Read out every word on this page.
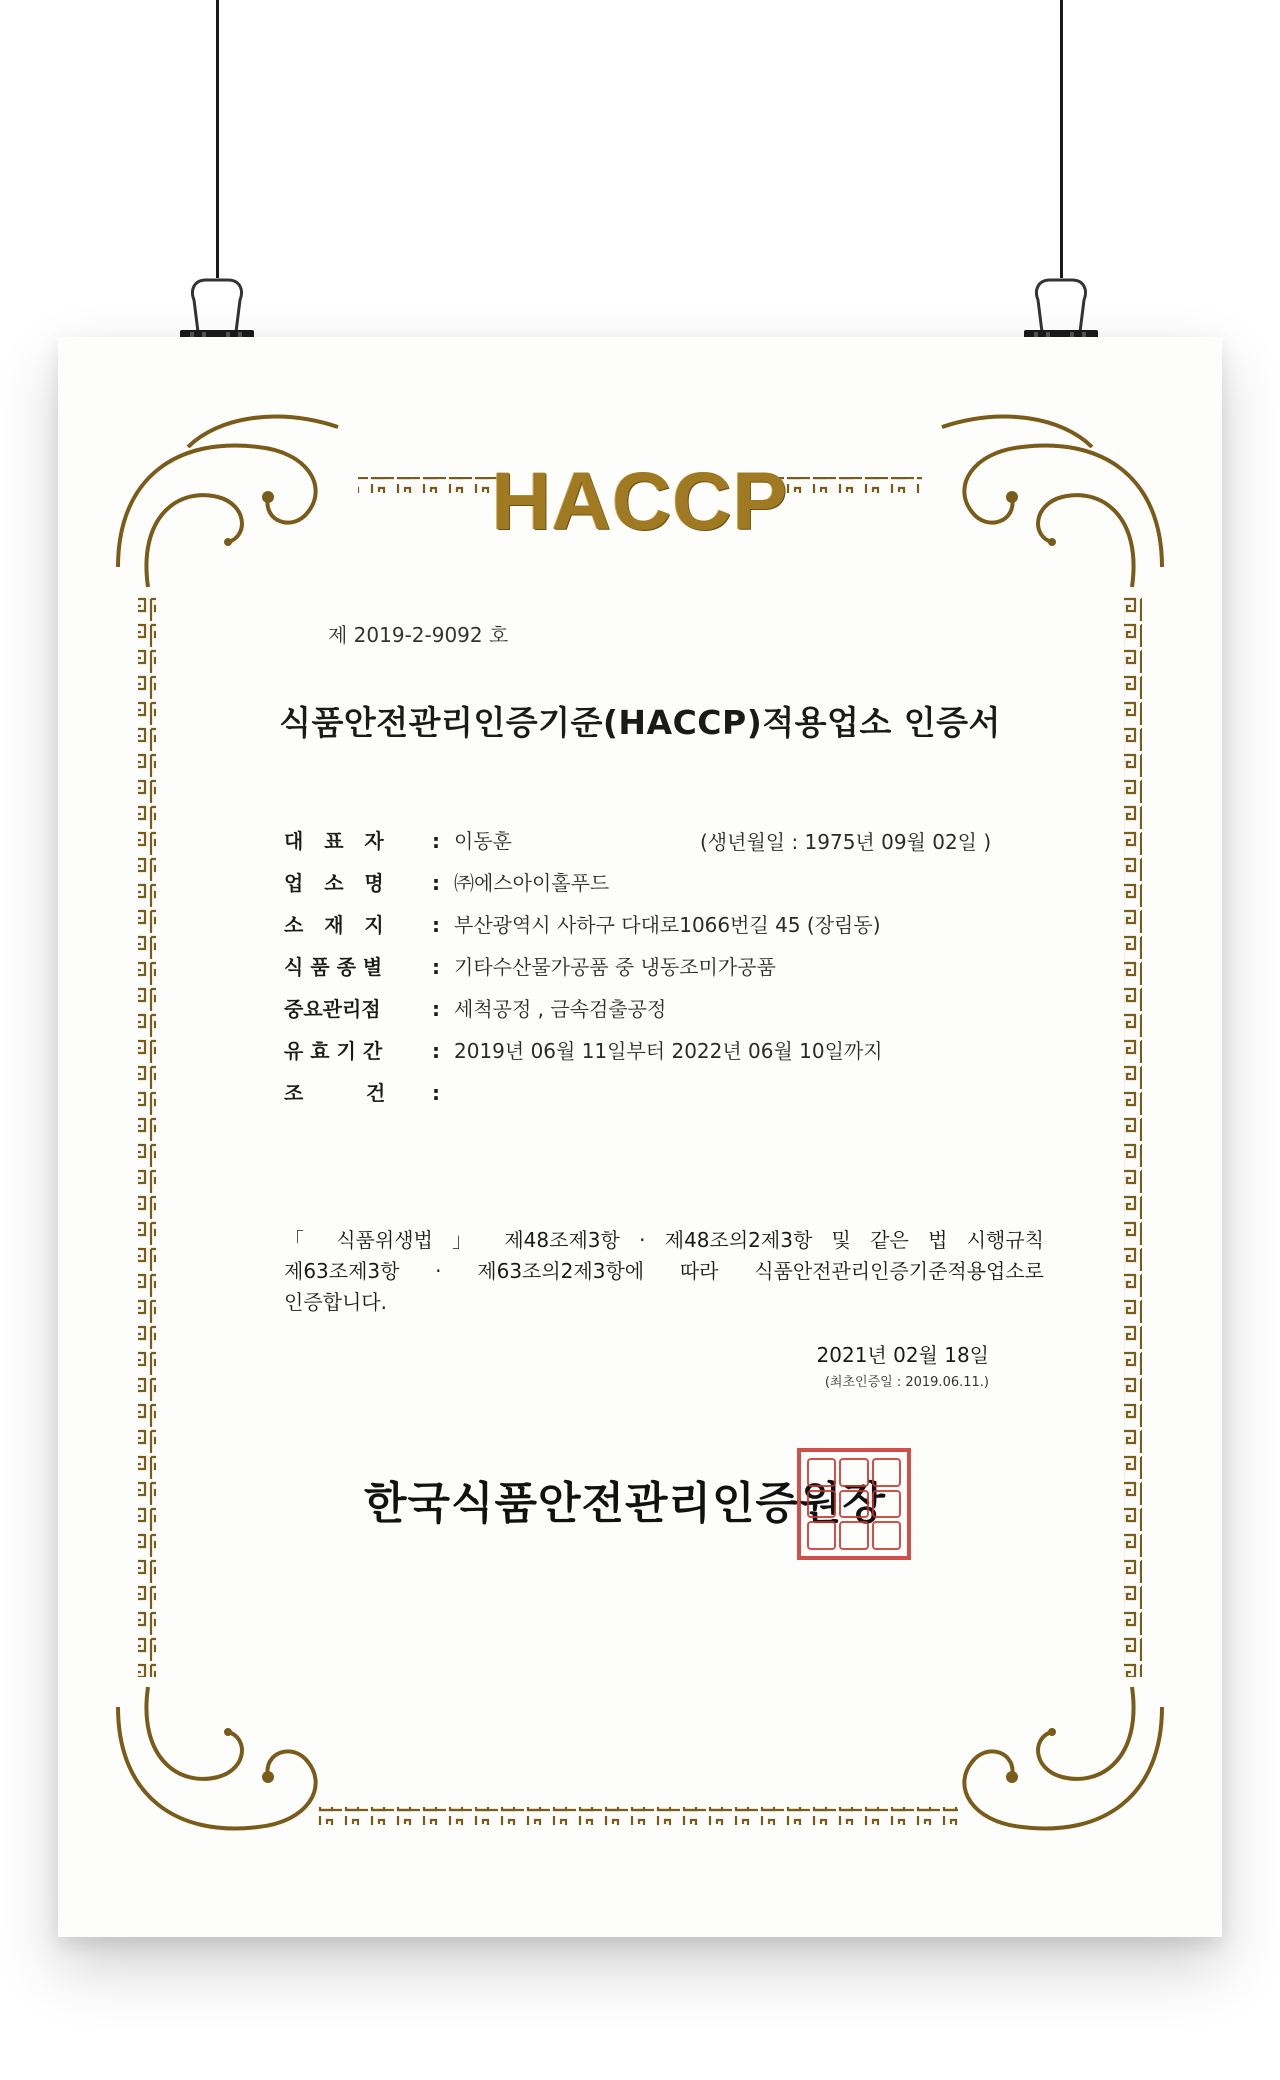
HACCP
제 2019-2-9092 호
식품안전관리인증기준(HACCP)적용업소 인증서
대   표   자	: 이동훈	(생년월일 : 1975년 09월 02일 )
업   소   명	: ㈜에스아이홀푸드
소   재   지	: 부산광역시 사하구 다대로1066번길 45 (장림동)
식 품 종 별	: 기타수산물가공품 중 냉동조미가공품
중요관리점	: 세척공정 , 금속검출공정
유 효 기 간	: 2019년 06월 11일부터 2022년 06월 10일까지
조         건	:
「 식품위생법 」 제48조제3항 · 제48조의2제3항 및 같은 법 시행규칙
제63조제3항 · 제63조의2제3항에 따라 식품안전관리인증기준적용업소로
인증합니다.
2021년 02월 18일
(최초인증일 : 2019.06.11.)
한국식품안전관리인증원장
